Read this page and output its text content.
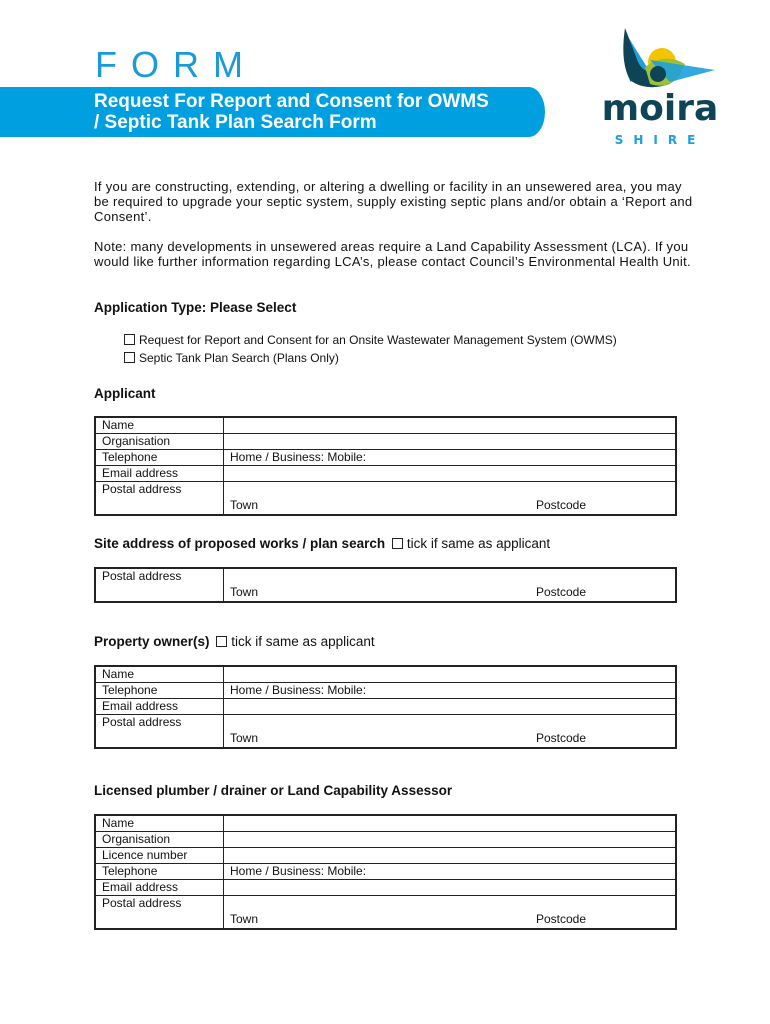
FORM
Request For Report and Consent for OWMS
/ Septic Tank Plan Search Form	moira
SHIRE
If you are constructing, extending, or altering a dwelling or facility in an unsewered area, you may be required to upgrade your septic system, supply existing septic plans and/or obtain a ‘Report and Consent’.
Note: many developments in unsewered areas require a Land Capability Assessment (LCA). If you would like further information regarding LCA’s, please contact Council’s Environmental Health Unit.
Application Type: Please Select
Request for Report and Consent for an Onsite Wastewater Management System (OWMS)
Septic Tank Plan Search (Plans Only)
Applicant
Name	
Organisation	
Telephone	Home / Business: Mobile:
Email address	
Postal address	Town Postcode
Site address of proposed works / plan search tick if same as applicant
Postal address	
Town	Postcode
Property owner(s) tick if same as applicant
Name	
Telephone	Home / Business: Mobile:
Email address	
Postal address	Town Postcode
Licensed plumber / drainer or Land Capability Assessor
Name	
Organisation	
Licence number	
Telephone	Home / Business: Mobile:
Email address	
Postal address	Town Postcode
